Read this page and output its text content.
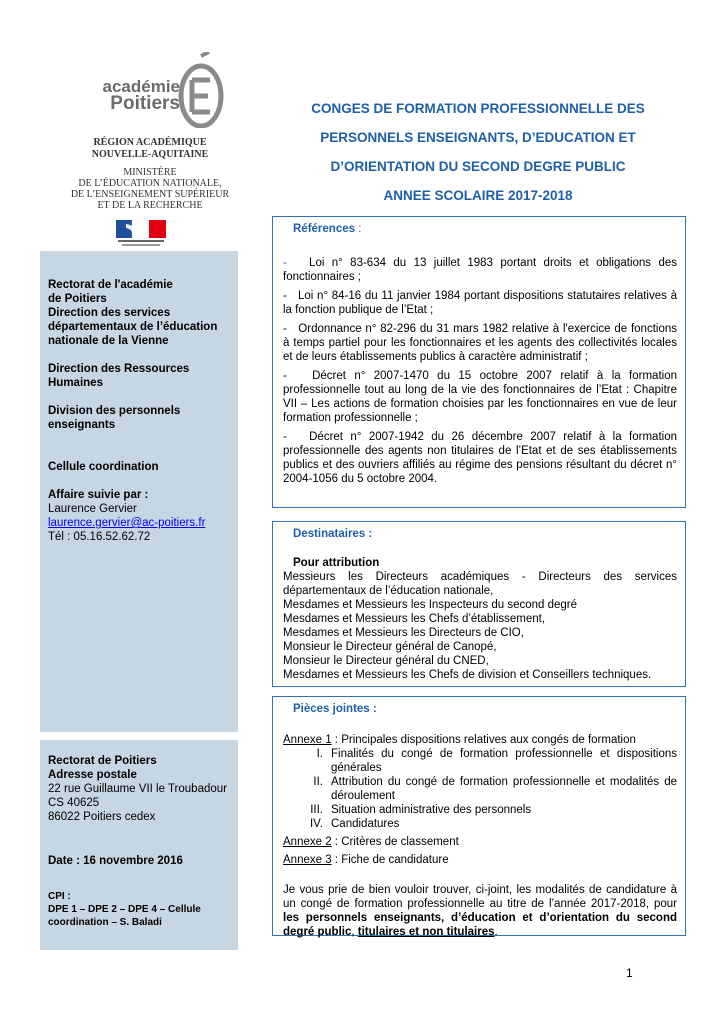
académie
Poitiers
RÉGION ACADÉMIQUE
NOUVELLE-AQUITAINE
MINISTÈRE
DE L’ÉDUCATION NATIONALE,
DE L’ENSEIGNEMENT SUPÉRIEUR
ET DE LA RECHERCHE
Rectorat de l'académie
de Poitiers
Direction des services départementaux de l’éducation nationale de la Vienne
Direction des Ressources Humaines
Division des personnels enseignants
Cellule coordination
Affaire suivie par :
Laurence Gervier
laurence.gervier@ac-poitiers.fr
Tél : 05.16.52.62.72
Rectorat de Poitiers
Adresse postale
22 rue Guillaume VII le Troubadour
CS 40625
86022 Poitiers cedex
Date : 16 novembre 2016
CPI :
DPE 1 – DPE 2 – DPE 4 – Cellule coordination – S. Baladi
CONGES DE FORMATION PROFESSIONNELLE DES
PERSONNELS ENSEIGNANTS, D’EDUCATION ET
D’ORIENTATION DU SECOND DEGRE PUBLIC
ANNEE SCOLAIRE 2017-2018
Références :

- Loi n° 83-634 du 13 juillet 1983 portant droits et obligations des fonctionnaires ;

-   Loi n° 84-16 du 11 janvier 1984 portant dispositions statutaires relatives à la fonction publique de l’Etat ;

-   Ordonnance n° 82-296 du 31 mars 1982 relative à l'exercice de fonctions à temps partiel pour les fonctionnaires et les agents des collectivités locales et de leurs établissements publics à caractère administratif ;

-   Décret n° 2007-1470 du 15 octobre 2007 relatif à la formation professionnelle tout au long de la vie des fonctionnaires de l’Etat : Chapitre VII – Les actions de formation choisies par les fonctionnaires en vue de leur formation professionnelle ;

-   Décret n° 2007-1942 du 26 décembre 2007 relatif à la formation professionnelle des agents non titulaires de l’Etat et de ses établissements publics et des ouvriers affiliés au régime des pensions résultant du décret n° 2004-1056 du 5 octobre 2004.

Destinataires :
Pour attribution
Messieurs les Directeurs académiques - Directeurs des services départementaux de l’éducation nationale,
Mesdames et Messieurs les Inspecteurs du second degré
Mesdames et Messieurs les Chefs d’établissement,
Mesdames et Messieurs les Directeurs de CIO,
Monsieur le Directeur général de Canopé,
Monsieur le Directeur général du CNED,
Mesdames et Messieurs les Chefs de division et Conseillers techniques.
Pièces jointes :
Annexe 1 : Principales dispositions relatives aux congés de formation
I. Finalités du congé de formation professionnelle et dispositions générales
II. Attribution du congé de formation professionnelle et modalités de déroulement
III. Situation administrative des personnels
IV. Candidatures
Annexe 2 : Critères de classement
Annexe 3 : Fiche de candidature
Je vous prie de bien vouloir trouver, ci-joint, les modalités de candidature à un congé de formation professionnelle au titre de l’année 2017-2018, pour les personnels enseignants, d’éducation et d’orientation du second degré public, titulaires et non titulaires.
1
